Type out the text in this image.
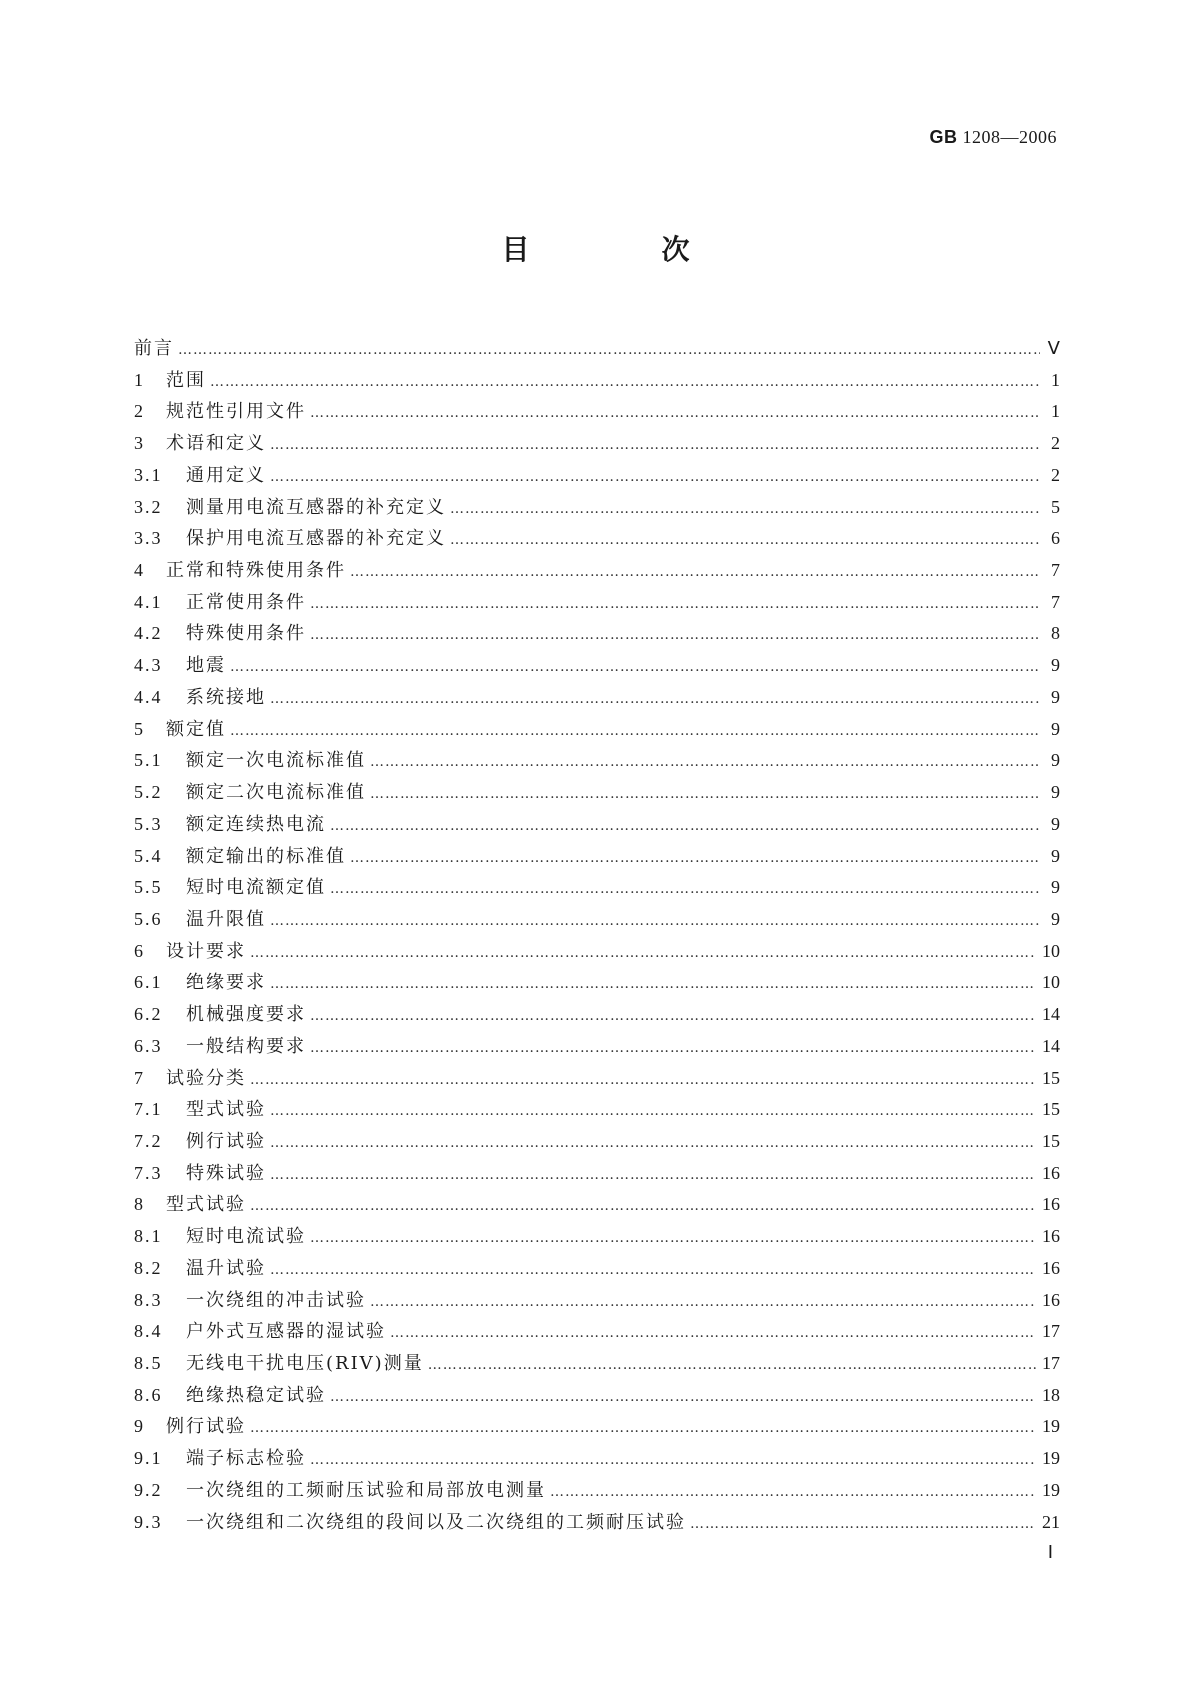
GB 1208—2006
目　次
前言 …………………………………………………………………………………………………………………………………………………………………………………………	Ⅴ
1	范围 …………………………………………………………………………………………………………………………………………………………………………………………	1
2	规范性引用文件 …………………………………………………………………………………………………………………………………………………………………………………………	1
3	术语和定义 …………………………………………………………………………………………………………………………………………………………………………………………	2
3.1	通用定义 …………………………………………………………………………………………………………………………………………………………………………………………	2
3.2	测量用电流互感器的补充定义 …………………………………………………………………………………………………………………………………………………………………………………………	5
3.3	保护用电流互感器的补充定义 …………………………………………………………………………………………………………………………………………………………………………………………	6
4	正常和特殊使用条件 …………………………………………………………………………………………………………………………………………………………………………………………	7
4.1	正常使用条件 …………………………………………………………………………………………………………………………………………………………………………………………	7
4.2	特殊使用条件 …………………………………………………………………………………………………………………………………………………………………………………………	8
4.3	地震 …………………………………………………………………………………………………………………………………………………………………………………………	9
4.4	系统接地 …………………………………………………………………………………………………………………………………………………………………………………………	9
5	额定值 …………………………………………………………………………………………………………………………………………………………………………………………	9
5.1	额定一次电流标准值 …………………………………………………………………………………………………………………………………………………………………………………………	9
5.2	额定二次电流标准值 …………………………………………………………………………………………………………………………………………………………………………………………	9
5.3	额定连续热电流 …………………………………………………………………………………………………………………………………………………………………………………………	9
5.4	额定输出的标准值 …………………………………………………………………………………………………………………………………………………………………………………………	9
5.5	短时电流额定值 …………………………………………………………………………………………………………………………………………………………………………………………	9
5.6	温升限值 …………………………………………………………………………………………………………………………………………………………………………………………	9
6	设计要求 …………………………………………………………………………………………………………………………………………………………………………………………	10
6.1	绝缘要求 …………………………………………………………………………………………………………………………………………………………………………………………	10
6.2	机械强度要求 …………………………………………………………………………………………………………………………………………………………………………………………	14
6.3	一般结构要求 …………………………………………………………………………………………………………………………………………………………………………………………	14
7	试验分类 …………………………………………………………………………………………………………………………………………………………………………………………	15
7.1	型式试验 …………………………………………………………………………………………………………………………………………………………………………………………	15
7.2	例行试验 …………………………………………………………………………………………………………………………………………………………………………………………	15
7.3	特殊试验 …………………………………………………………………………………………………………………………………………………………………………………………	16
8	型式试验 …………………………………………………………………………………………………………………………………………………………………………………………	16
8.1	短时电流试验 …………………………………………………………………………………………………………………………………………………………………………………………	16
8.2	温升试验 …………………………………………………………………………………………………………………………………………………………………………………………	16
8.3	一次绕组的冲击试验 …………………………………………………………………………………………………………………………………………………………………………………………	16
8.4	户外式互感器的湿试验 …………………………………………………………………………………………………………………………………………………………………………………………	17
8.5	无线电干扰电压(RIV)测量 …………………………………………………………………………………………………………………………………………………………………………………………	17
8.6	绝缘热稳定试验 …………………………………………………………………………………………………………………………………………………………………………………………	18
9	例行试验 …………………………………………………………………………………………………………………………………………………………………………………………	19
9.1	端子标志检验 …………………………………………………………………………………………………………………………………………………………………………………………	19
9.2	一次绕组的工频耐压试验和局部放电测量 …………………………………………………………………………………………………………………………………………………………………………………………	19
9.3	一次绕组和二次绕组的段间以及二次绕组的工频耐压试验 …………………………………………………………………………………………………………………………………………………………………………………………	21
Ⅰ
